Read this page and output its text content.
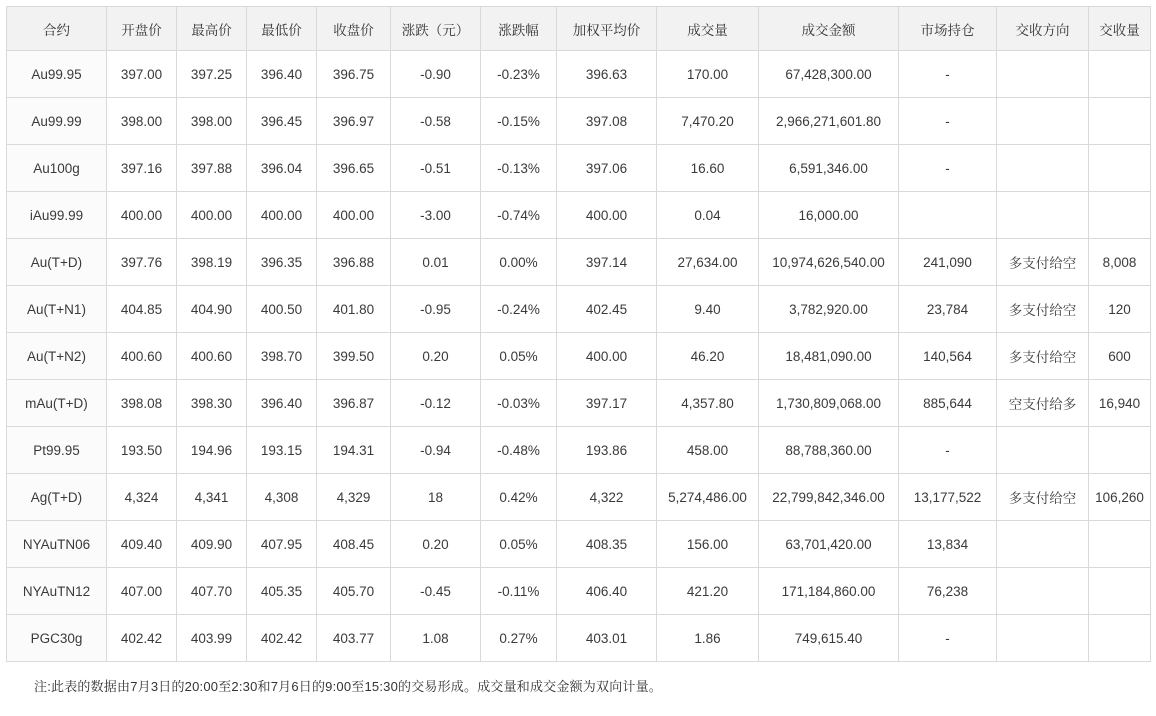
合约	开盘价	最高价	最低价	收盘价	涨跌（元）	涨跌幅	加权平均价	成交量	成交金额	市场持仓	交收方向	交收量
Au99.95	397.00	397.25	396.40	396.75	-0.90	-0.23%	396.63	170.00	67,428,300.00	-		
Au99.99	398.00	398.00	396.45	396.97	-0.58	-0.15%	397.08	7,470.20	2,966,271,601.80	-		
Au100g	397.16	397.88	396.04	396.65	-0.51	-0.13%	397.06	16.60	6,591,346.00	-		
iAu99.99	400.00	400.00	400.00	400.00	-3.00	-0.74%	400.00	0.04	16,000.00			
Au(T+D)	397.76	398.19	396.35	396.88	0.01	0.00%	397.14	27,634.00	10,974,626,540.00	241,090	多支付给空	8,008
Au(T+N1)	404.85	404.90	400.50	401.80	-0.95	-0.24%	402.45	9.40	3,782,920.00	23,784	多支付给空	120
Au(T+N2)	400.60	400.60	398.70	399.50	0.20	0.05%	400.00	46.20	18,481,090.00	140,564	多支付给空	600
mAu(T+D)	398.08	398.30	396.40	396.87	-0.12	-0.03%	397.17	4,357.80	1,730,809,068.00	885,644	空支付给多	16,940
Pt99.95	193.50	194.96	193.15	194.31	-0.94	-0.48%	193.86	458.00	88,788,360.00	-		
Ag(T+D)	4,324	4,341	4,308	4,329	18	0.42%	4,322	5,274,486.00	22,799,842,346.00	13,177,522	多支付给空	106,260
NYAuTN06	409.40	409.90	407.95	408.45	0.20	0.05%	408.35	156.00	63,701,420.00	13,834		
NYAuTN12	407.00	407.70	405.35	405.70	-0.45	-0.11%	406.40	421.20	171,184,860.00	76,238		
PGC30g	402.42	403.99	402.42	403.77	1.08	0.27%	403.01	1.86	749,615.40	-		
注:此表的数据由7月3日的20:00至2:30和7月6日的9:00至15:30的交易形成。成交量和成交金额为双向计量。
